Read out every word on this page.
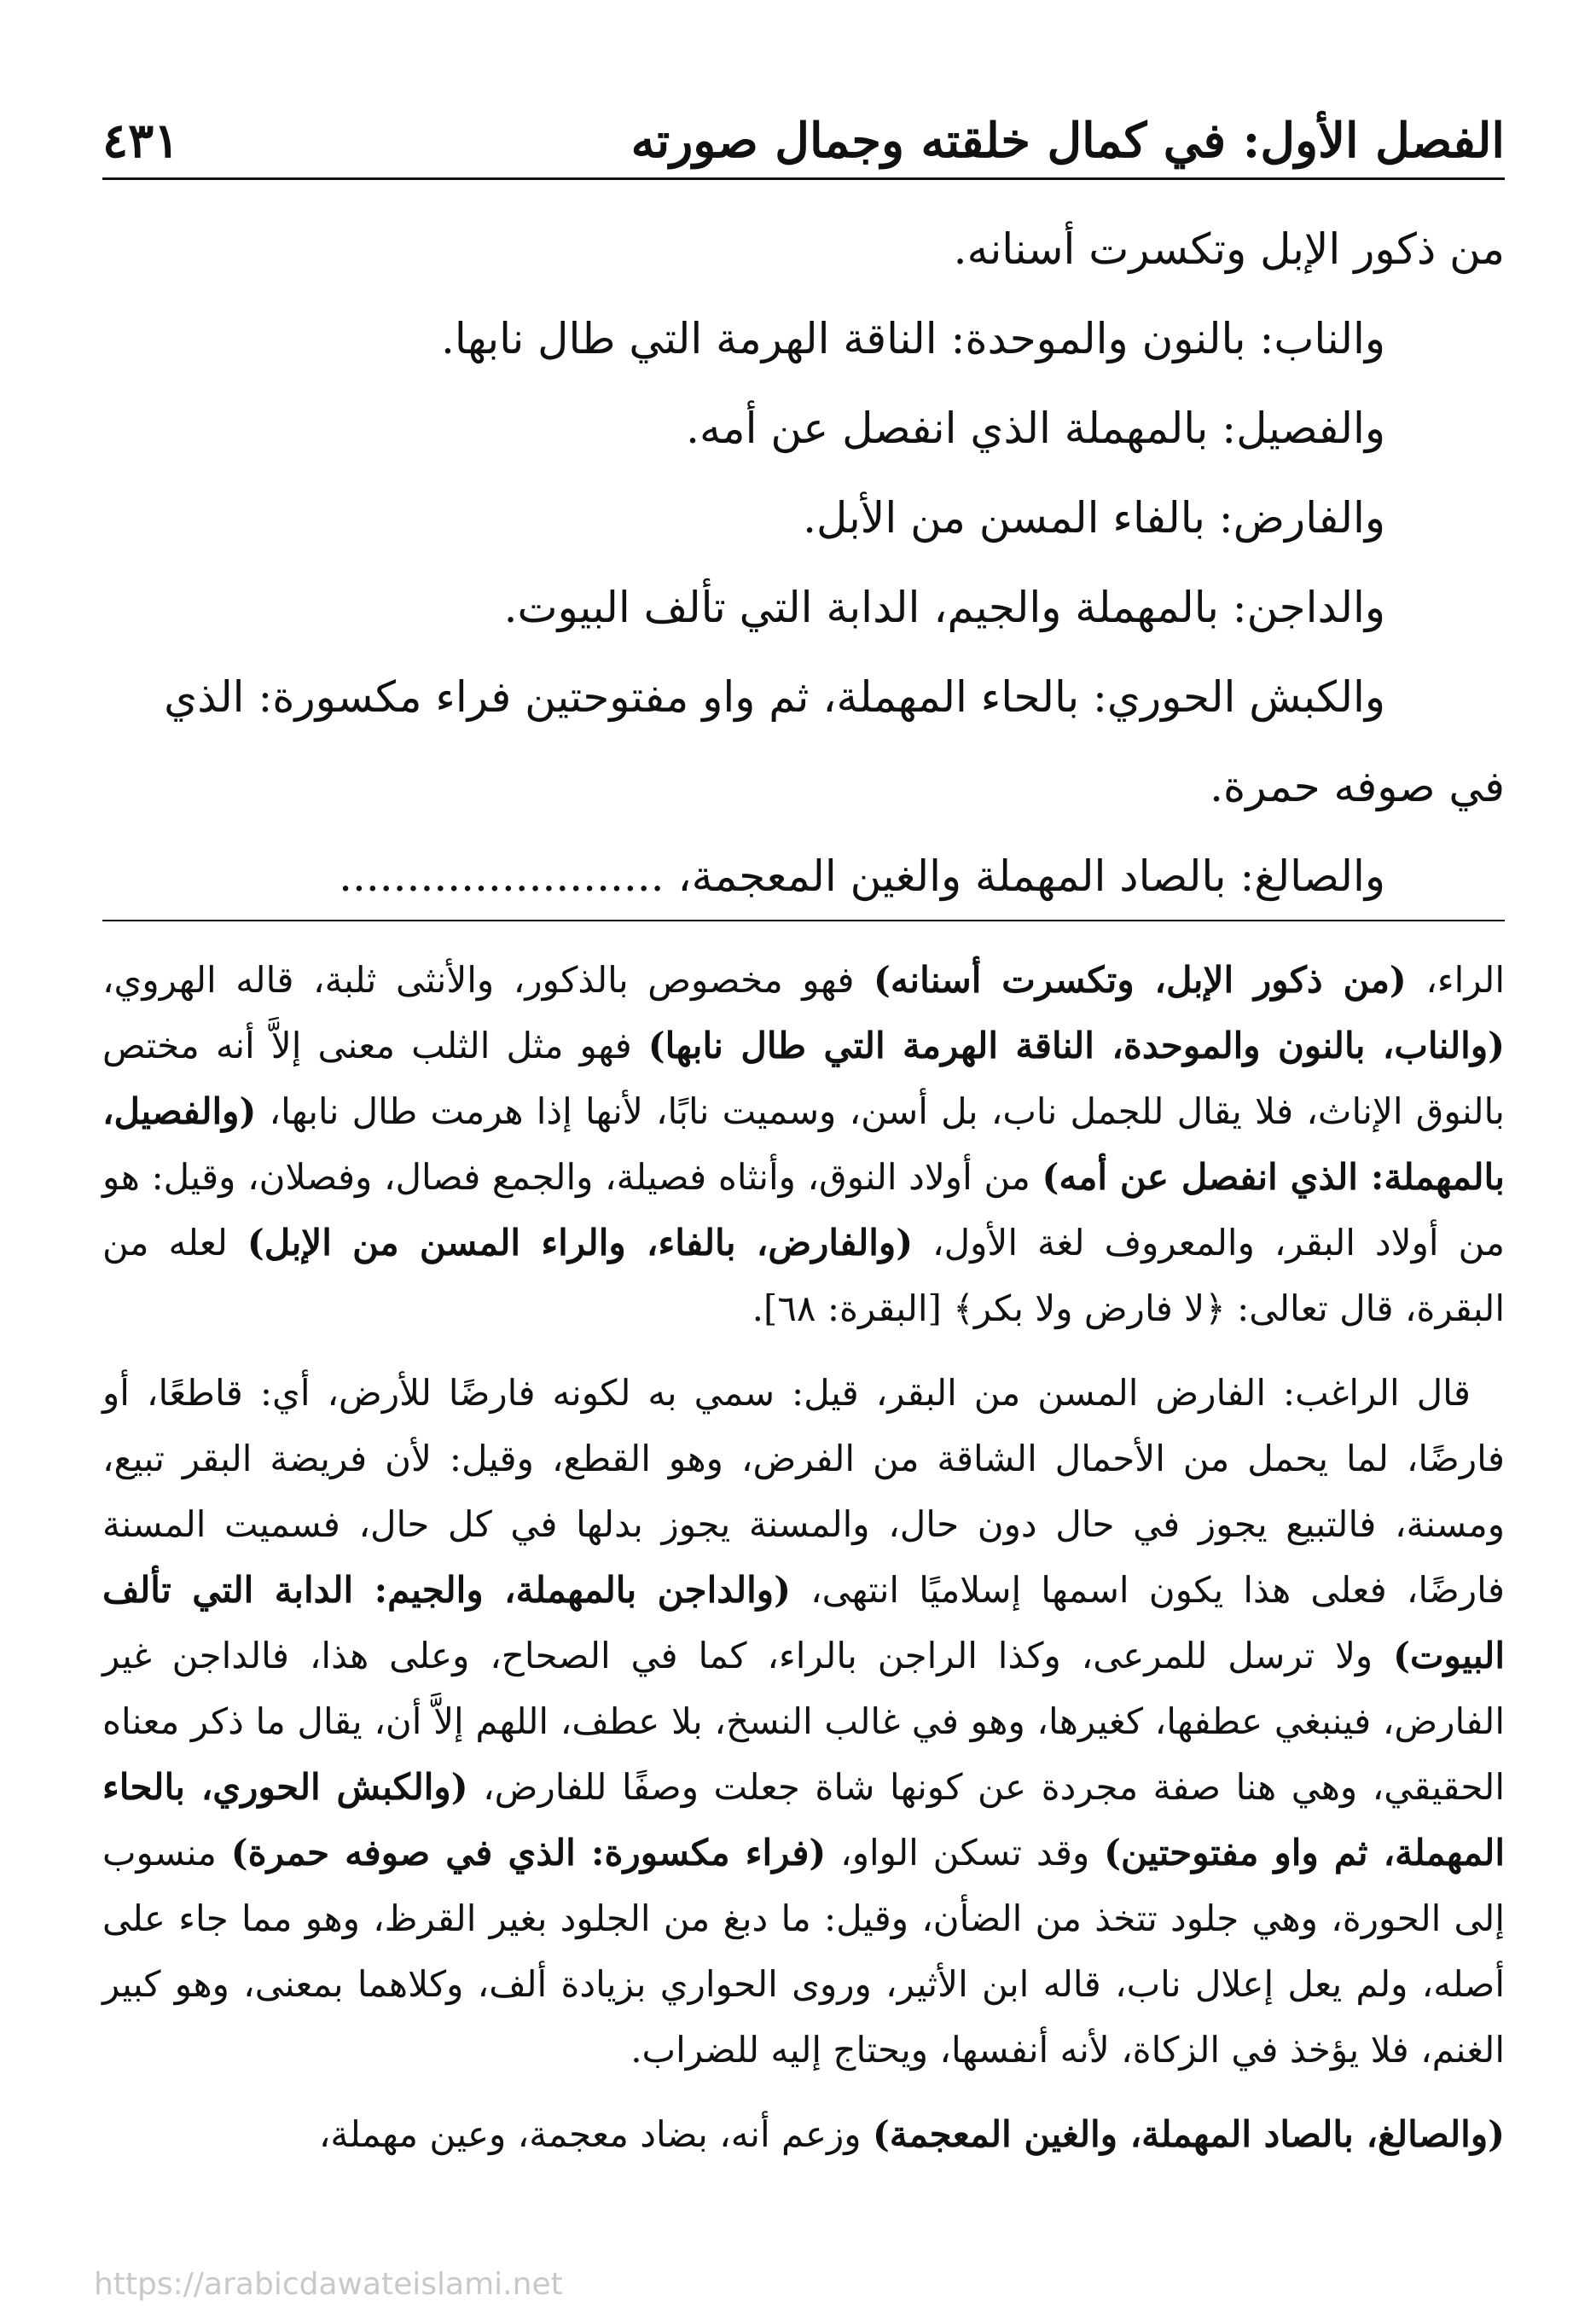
الفصل الأول: في كمال خلقته وجمال صورته
٤٣١

من ذكور الإبل وتكسرت أسنانه.

والناب: بالنون والموحدة: الناقة الهرمة التي طال نابها.

والفصيل: بالمهملة الذي انفصل عن أمه.

والفارض: بالفاء المسن من الأبل.

والداجن: بالمهملة والجيم، الدابة التي تألف البيوت.

والكبش الحوري: بالحاء المهملة، ثم واو مفتوحتين فراء مكسورة: الذي في صوفه حمرة.

والصالغ: بالصاد المهملة والغين المعجمة، ........................

الراء، (من ذكور الإبل، وتكسرت أسنانه) فهو مخصوص بالذكور، والأنثى ثلبة، قاله الهروي، (والناب، بالنون والموحدة، الناقة الهرمة التي طال نابها) فهو مثل الثلب معنى إلاَّ أنه مختص بالنوق الإناث، فلا يقال للجمل ناب، بل أسن، وسميت نابًا، لأنها إذا هرمت طال نابها، (والفصيل، بالمهملة: الذي انفصل عن أمه) من أولاد النوق، وأنثاه فصيلة، والجمع فصال، وفصلان، وقيل: هو من أولاد البقر، والمعروف لغة الأول، (والفارض، بالفاء، والراء المسن من الإبل) لعله من البقرة، قال تعالى: ﴿لا فارض ولا بكر﴾ [البقرة: ٦٨].

قال الراغب: الفارض المسن من البقر، قيل: سمي به لكونه فارضًا للأرض، أي: قاطعًا، أو فارضًا، لما يحمل من الأحمال الشاقة من الفرض، وهو القطع، وقيل: لأن فريضة البقر تبيع، ومسنة، فالتبيع يجوز في حال دون حال، والمسنة يجوز بدلها في كل حال، فسميت المسنة فارضًا، فعلى هذا يكون اسمها إسلاميًا انتهى، (والداجن بالمهملة، والجيم: الدابة التي تألف البيوت) ولا ترسل للمرعى، وكذا الراجن بالراء، كما في الصحاح، وعلى هذا، فالداجن غير الفارض، فينبغي عطفها، كغيرها، وهو في غالب النسخ، بلا عطف، اللهم إلاَّ أن، يقال ما ذكر معناه الحقيقي، وهي هنا صفة مجردة عن كونها شاة جعلت وصفًا للفارض، (والكبش الحوري، بالحاء المهملة، ثم واو مفتوحتين) وقد تسكن الواو، (فراء مكسورة: الذي في صوفه حمرة) منسوب إلى الحورة، وهي جلود تتخذ من الضأن، وقيل: ما دبغ من الجلود بغير القرظ، وهو مما جاء على أصله، ولم يعل إعلال ناب، قاله ابن الأثير، وروى الحواري بزيادة ألف، وكلاهما بمعنى، وهو كبير الغنم، فلا يؤخذ في الزكاة، لأنه أنفسها، ويحتاج إليه للضراب.

(والصالغ، بالصاد المهملة، والغين المعجمة) وزعم أنه، بضاد معجمة، وعين مهملة،

https://arabicdawateislami.net
